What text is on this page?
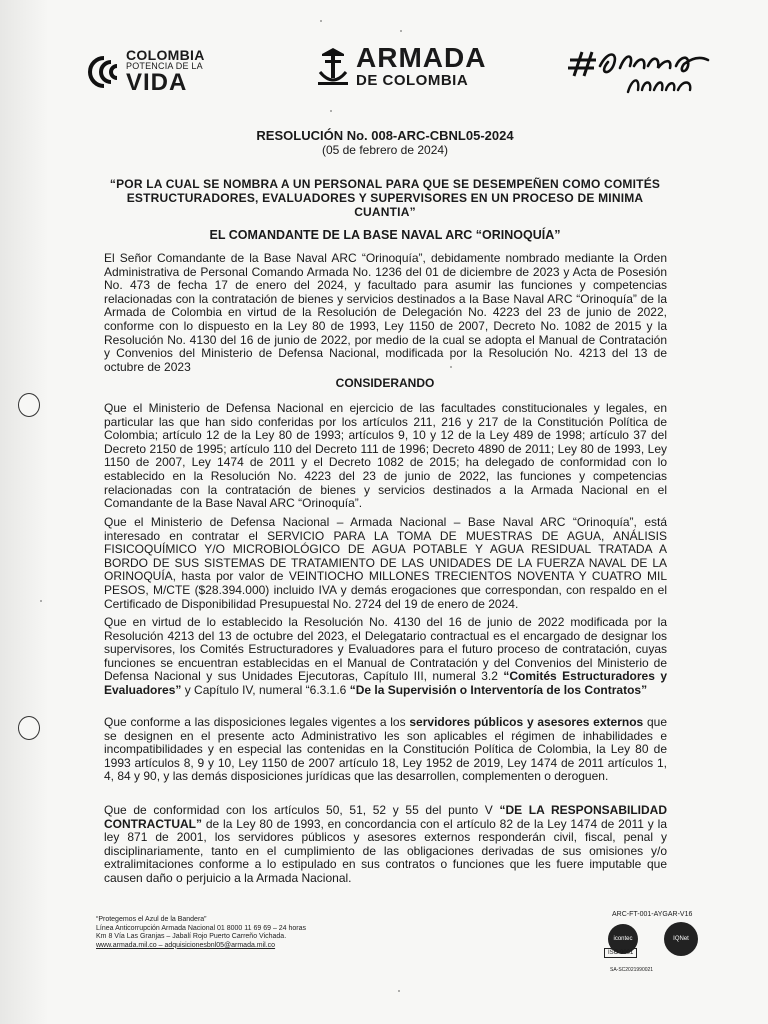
COLOMBIA
POTENCIA DE LA
VIDA
ARMADA
DE COLOMBIA
RESOLUCIÓN No. 008-ARC-CBNL05-2024
(05 de febrero de 2024)
“POR LA CUAL SE NOMBRA A UN PERSONAL PARA QUE SE DESEMPEÑEN COMO COMITÉS ESTRUCTURADORES, EVALUADORES Y SUPERVISORES EN UN PROCESO DE MINIMA CUANTIA”
EL COMANDANTE DE LA BASE NAVAL ARC “ORINOQUÍA”
El Señor Comandante de la Base Naval ARC “Orinoquía”, debidamente nombrado mediante la Orden Administrativa de Personal Comando Armada No. 1236 del 01 de diciembre de 2023 y Acta de Posesión No. 473 de fecha 17 de enero del 2024, y facultado para asumir las funciones y competencias relacionadas con la contratación de bienes y servicios destinados a la Base Naval ARC “Orinoquía” de la Armada de Colombia en virtud de la Resolución de Delegación No. 4223 del 23 de junio de 2022, conforme con lo dispuesto en la Ley 80 de 1993, Ley 1150 de 2007, Decreto No. 1082 de 2015 y la Resolución No. 4130 del 16 de junio de 2022, por medio de la cual se adopta el Manual de Contratación y Convenios del Ministerio de Defensa Nacional, modificada por la Resolución No. 4213 del 13 de octubre de 2023
CONSIDERANDO
Que el Ministerio de Defensa Nacional en ejercicio de las facultades constitucionales y legales, en particular las que han sido conferidas por los artículos 211, 216 y 217 de la Constitución Política de Colombia; artículo 12 de la Ley 80 de 1993; artículos 9, 10 y 12 de la Ley 489 de 1998; artículo 37 del Decreto 2150 de 1995; artículo 110 del Decreto 111 de 1996; Decreto 4890 de 2011; Ley 80 de 1993, Ley 1150 de 2007, Ley 1474 de 2011 y el Decreto 1082 de 2015; ha delegado de conformidad con lo establecido en la Resolución No. 4223 del 23 de junio de 2022, las funciones y competencias relacionadas con la contratación de bienes y servicios destinados a la Armada Nacional en el Comandante de la Base Naval ARC “Orinoquía”.
Que el Ministerio de Defensa Nacional – Armada Nacional – Base Naval ARC “Orinoquía”, está interesado en contratar el SERVICIO PARA LA TOMA DE MUESTRAS DE AGUA, ANÁLISIS FISICOQUÍMICO Y/O MICROBIOLÓGICO DE AGUA POTABLE Y AGUA RESIDUAL TRATADA A BORDO DE SUS SISTEMAS DE TRATAMIENTO DE LAS UNIDADES DE LA FUERZA NAVAL DE LA ORINOQUÍA, hasta por valor de VEINTIOCHO MILLONES TRECIENTOS NOVENTA Y CUATRO MIL PESOS, M/CTE ($28.394.000) incluido IVA y demás erogaciones que correspondan, con respaldo en el Certificado de Disponibilidad Presupuestal No. 2724 del 19 de enero de 2024.
Que en virtud de lo establecido la Resolución No. 4130 del 16 de junio de 2022 modificada por la Resolución 4213 del 13 de octubre del 2023, el Delegatario contractual es el encargado de designar los supervisores, los Comités Estructuradores y Evaluadores para el futuro proceso de contratación, cuyas funciones se encuentran establecidas en el Manual de Contratación y del Convenios del Ministerio de Defensa Nacional y sus Unidades Ejecutoras, Capítulo III, numeral 3.2 “Comités Estructuradores y Evaluadores” y Capítulo IV, numeral “6.3.1.6 “De la Supervisión o Interventoría de los Contratos”
Que conforme a las disposiciones legales vigentes a los servidores públicos y asesores externos que se designen en el presente acto Administrativo les son aplicables el régimen de inhabilidades e incompatibilidades y en especial las contenidas en la Constitución Política de Colombia, la Ley 80 de 1993 artículos 8, 9 y 10, Ley 1150 de 2007 artículo 18, Ley 1952 de 2019, Ley 1474 de 2011 artículos 1, 4, 84 y 90, y las demás disposiciones jurídicas que las desarrollen, complementen o deroguen.
Que de conformidad con los artículos 50, 51, 52 y 55 del punto V “DE LA RESPONSABILIDAD CONTRACTUAL” de la Ley 80 de 1993, en concordancia con el artículo 82 de la Ley 1474 de 2011 y la ley 871 de 2001, los servidores públicos y asesores externos responderán civil, fiscal, penal y disciplinariamente, tanto en el cumplimiento de las obligaciones derivadas de sus omisiones y/o extralimitaciones conforme a lo estipulado en sus contratos o funciones que les fuere imputable que causen daño o perjuicio a la Armada Nacional.
“Protegemos el Azul de la Bandera”
Línea Anticorrupción Armada Nacional 01 8000 11 69 69 – 24 horas
Km 8 Vía Las Granjas – Jabalí Rojo Puerto Carreño Vichada.
www.armada.mil.co – adquisicionesbnl05@armada.mil.co
ARC-FT-001-AYGAR-V16
icontec	IQNet
ISO 9001
SA-SC2021990021
